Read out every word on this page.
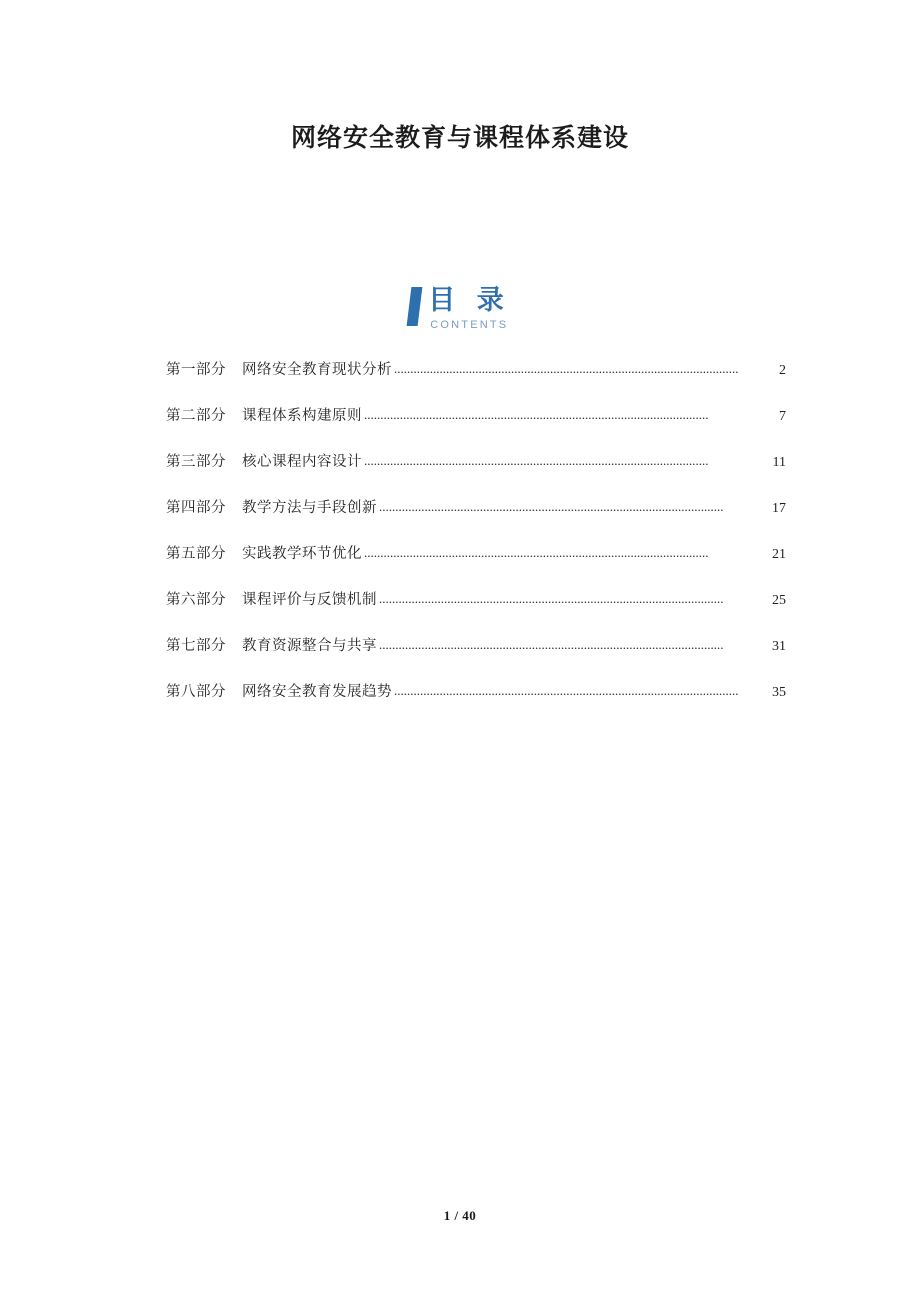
网络安全教育与课程体系建设
目 录
CONTENTS
第一部分	网络安全教育现状分析 ..........................................................................................................	2
第二部分	课程体系构建原则 ..........................................................................................................	7
第三部分	核心课程内容设计 ..........................................................................................................	11
第四部分	教学方法与手段创新 ..........................................................................................................	17
第五部分	实践教学环节优化 ..........................................................................................................	21
第六部分	课程评价与反馈机制 ..........................................................................................................	25
第七部分	教育资源整合与共享 ..........................................................................................................	31
第八部分	网络安全教育发展趋势 ..........................................................................................................	35
1 / 40
